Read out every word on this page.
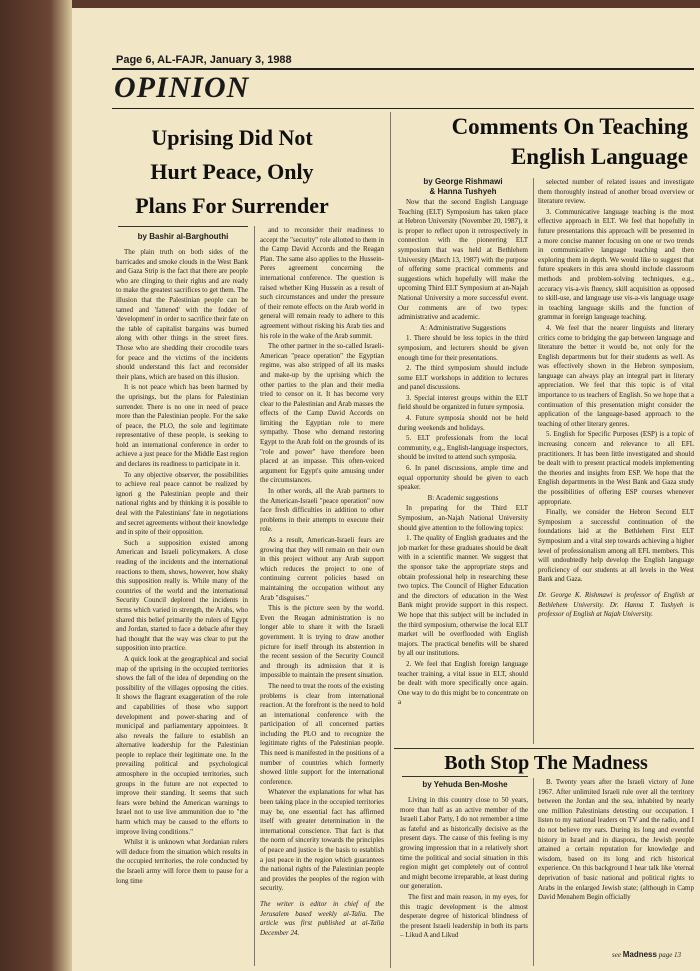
Page 6, AL-FAJR, January 3, 1988
OPINION
Uprising Did Not
Hurt Peace, Only
Plans For Surrender
by Bashir al-Barghouthi

The plain truth on both sides of the barricades and smoke clouds in the West Bank and Gaza Strip is the fact that there are people who are clinging to their rights and are ready to make the greatest sacrifices to get them. The illusion that the Palestinian people can be tamed and 'fattened' with the fodder of 'development' in order to sacrifice their fate on the table of capitalist bargains was burned along with other things in the street fires. Those who are shedding their crocodile tears for peace and the victims of the incidents should understand this fact and reconsider their plans, which are based on this illusion.

It is not peace which has been harmed by the uprisings, but the plans for Palestinian surrender. There is no one in need of peace more than the Palestinian people. For the sake of peace, the PLO, the sole and legitimate representative of these people, is seeking to hold an international conference in order to achieve a just peace for the Middle East region and declares its readiness to participate in it.

To any objective observer, the possibilities to achieve real peace cannot be realized by ignori g the Palestinian people and their national rights and by thinking it is possible to deal with the Palestinians' fate in negotiations and secret agreements without their knowledge and in spite of their opposition.

Such a supposition existed among American and Israeli policymakers. A close reading of the incidents and the international reactions to them, shows, however, how shaky this supposition really is. While many of the countries of the world and the international Security Council deplored the incidents in terms which varied in strength, the Arabs, who shared this belief primarily the rulers of Egypt and Jordan, started to face a debacle after they had thought that the way was clear to put the supposition into practice.

A quick look at the geographical and social map of the uprising in the occupied territories shows the fall of the idea of depending on the possibility of the villages opposing the cities. It shows the flagrant exaggeration of the role and capabilities of those who support development and power-sharing and of municipal and parliamentary appointees. It also reveals the failure to establish an alternative leadership for the Palestinian people to replace their legitimate one. In the prevailing political and psychological atmosphere in the occupied territories, such groups in the future are not expected to improve their standing. It seems that such fears were behind the American warnings to Israel not to use live ammunition due to "the harm which may be caused to the efforts to improve living conditions."

Whilst it is unknown what Jordanian rulers will deduce from the situation which results in the occupied territories, the role conducted by the Israeli army will force them to pause for a long time

and to reconsider their readiness to accept the "security" role allotted to them in the Camp David Accords and the Reagan Plan. The same also applies to the Hussein-Peres agreement concerning the international conference. The question is raised whether King Hussein as a result of such circumstances and under the pressure of their remote effects on the Arab world in general will remain ready to adhere to this agreement without risking his Arab ties and his role in the wake of the Arab summit.

The other partner in the so-called Israeli-American "peace operation" the Egyptian regime, was also stripped of all its masks and make-up by the uprising which the other parties to the plan and their media tried to censor on it. It has become very clear to the Palestinian and Arab masses the effects of the Camp David Accords on limiting the Egyptian role to mere sympathy. Those who demand restoring Egypt to the Arab fold on the grounds of its "role and power" have therefore been placed at an impasse. This often-voiced argument for Egypt's quite amusing under the circumstances.

In other words, all the Arab partners to the American-Israeli "peace operation" now face fresh difficulties in addition to other problems in their attempts to execute their role.

As a result, American-Israeli fears are growing that they will remain on their own in this project without any Arab support which reduces the project to one of continuing current policies based on maintaining the occupation without any Arab "disguises."

This is the picture seen by the world. Even the Reagan administration is no longer able to share it with the Israeli government. It is trying to draw another picture for itself through its abstention in the recent session of the Security Council and through its admission that it is impossible to maintain the present situation.

The need to treat the roots of the existing problems is clear from international reaction. At the forefront is the need to hold an international conference with the participation of all concerned parties including the PLO and to recognize the legitimate rights of the Palestinian people. This need is manifested in the positions of a number of countries which formerly showed little support for the international conference.

Whatever the explanations for what has been taking place in the occupied territories may be, one essential fact has affirmed itself with greater determination in the international conscience. That fact is that the norm of sincerity towards the principles of peace and justice is the basis to establish a just peace in the region which guarantees the national rights of the Palestinian people and provides the peoples of the region with security.

The writer is editor in chief of the Jerusalem based weekly al-Talia. The article was first published at al-Talia December 24.

Comments On Teaching
English Language
by George Rishmawi
& Hanna Tushyeh

Now that the second English Language Teaching (ELT) Symposium has taken place at Hebron University (November 20, 1987), it is proper to reflect upon it retrospectively in connection with the pioneering ELT symposium that was held at Bethlehem University (March 13, 1987) with the purpose of offering some practical comments and suggestions which hopefully will make the upcoming Third ELT Symposium at an-Najah National University a more successful event. Our comments are of two types: administrative and academic.

A: Administrative Suggestions

1. There should be less topics in the third symposium, and lecturers should be given enough time for their presentations.

2. The third symposium should include some ELT workshops in addition to lectures and panel discussions.

3. Special interest groups within the ELT field should be organized in future symposia.

4. Future symposia should not be held during weekends and holidays.

5. ELT professionals from the local community, e.g., English-language inspectors, should be invited to attend such symposia.

6. In panel discussions, ample time and equal opportunity should be given to each speaker.

B: Academic suggestions

In preparing for the Third ELT Symposium, an-Najah National University should give attention to the following topics:

1. The quality of English graduates and the job market for these graduates should be dealt with in a scientific manner. We suggest that the sponsor take the appropriate steps and obtain professional help in researching these two topics. The Council of Higher Education and the directors of education in the West Bank might provide support in this respect. We hope that this subject will be included in the third symposium, otherwise the local ELT market will be overflooded with English majors. The practical benefits will be shared by all our institutions.

2. We feel that English foreign language teacher training, a vital issue in ELT, should be dealt with more specifically once again. One way to do this might be to concentrate on a

selected number of related issues and investigate them thoroughly instead of another broad overview or literature review.

3. Communicative language teaching is the most effective approach in ELT. We feel that hopefully in future presentations this approach will be presented in a more concise manner focusing on one or two trends in communicative language teaching and then exploring them in depth. We would like to suggest that future speakers in this area should include classroom methods and problem-solving techniques, e.g., accuracy vis-a-vis fluency, skill acquisition as opposed to skill-use, and language use vis-a-vis language usage in teaching language skills and the function of grammar in foreign language teaching.

4. We feel that the nearer linguists and literary critics come to bridging the gap between language and literature the better it would be, not only for the English departments but for their students as well. As was effectively shown in the Hebron symposium, language can always play an integral part in literary appreciation. We feel that this topic is of vital importance to us teachers of English. So we hope that a continuation of this presentation might consider the application of the language-based approach to the teaching of other literary genres.

5. English for Specific Purposes (ESP) is a topic of increasing concern and relevance to all EFL practitioners. It has been little investigated and should be dealt with to present practical models implementing the theories and insights from ESP. We hope that the English departments in the West Bank and Gaza study the possibilities of offering ESP courses whenever appropriate.

Finally, we consider the Hebron Second ELT Symposium a successful continuation of the foundations laid at the Bethlehem First ELT Symposium and a vital step towards achieving a higher level of professionalism among all EFL members. This will undoubtedly help develop the English language proficiency of our students at all levels in the West Bank and Gaza.

Dr. George K. Rishmawi is professor of English at Bethlehem University. Dr. Hanna T. Tushyeh is professor of English at Najah University.

Both Stop The Madness
by Yehuda Ben-Moshe

Living in this country close to 50 years, more than half as an active member of the Israeli Labor Party, I do not remember a time as fateful and as historically decisive as the present days. The cause of this feeling is my growing impression that in a relatively short time the political and social situation in this region might get completely out of control and might become irreparable, at least during our generation.

The first and main reason, in my eyes, for this tragic development is the almost desperate degree of historical blindness of the present Israeli leadership in both its parts – Likud A and Likud

B. Twenty years after the Israeli victory of June 1967. After unlimited Israeli rule over all the territory between the Jordan and the sea, inhabited by nearly one million Palestinians detesting our occupation. I listen to my national leaders on TV and the radio, and I do not believe my ears. During its long and eventful history in Israel and in diaspora, the Jewish people attained a certain reputation for knowledge and wisdom, based on its long and rich historical experience. On this background I hear talk like 'eternal deprivation of basic national and political rights to Arabs in the enlarged Jewish state; (although in Camp David Menahem Begin officially

see Madness page 13
